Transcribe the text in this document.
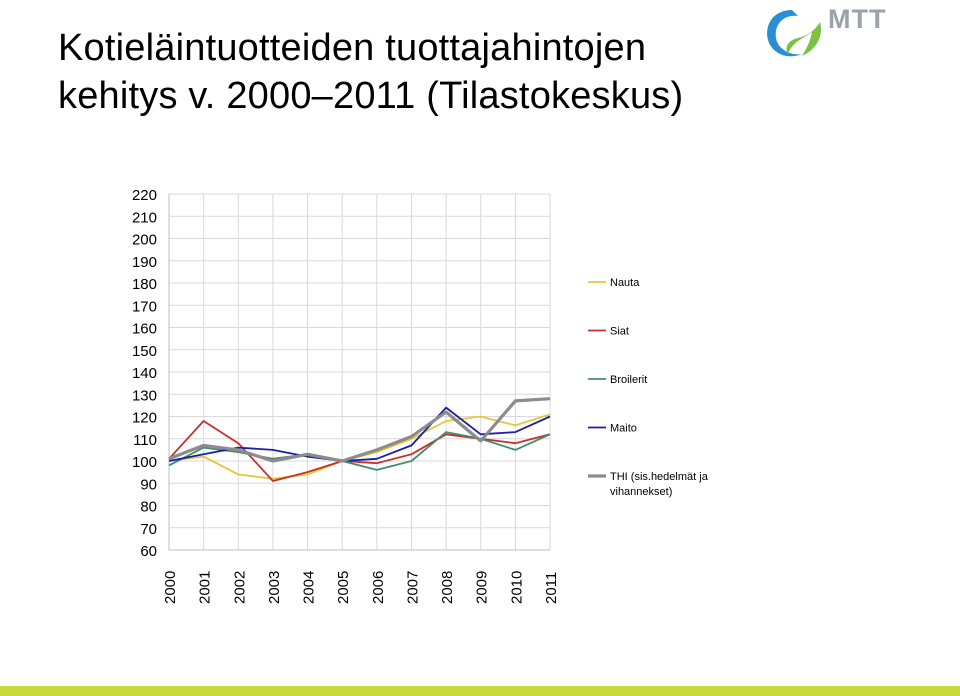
Kotieläintuotteiden tuottajahintojen
kehitys v. 2000–2011 (Tilastokeskus)
MTT
60
70
80
90
100
110
120
130
140
150
160
170
180
190
200
210
220
2000 2001 2002 2003 2004 2005 2006 2007 2008 2009 2010 2011
Nauta
Siat
Broilerit
Maito
THI (sis.hedelmät ja vihannekset)
